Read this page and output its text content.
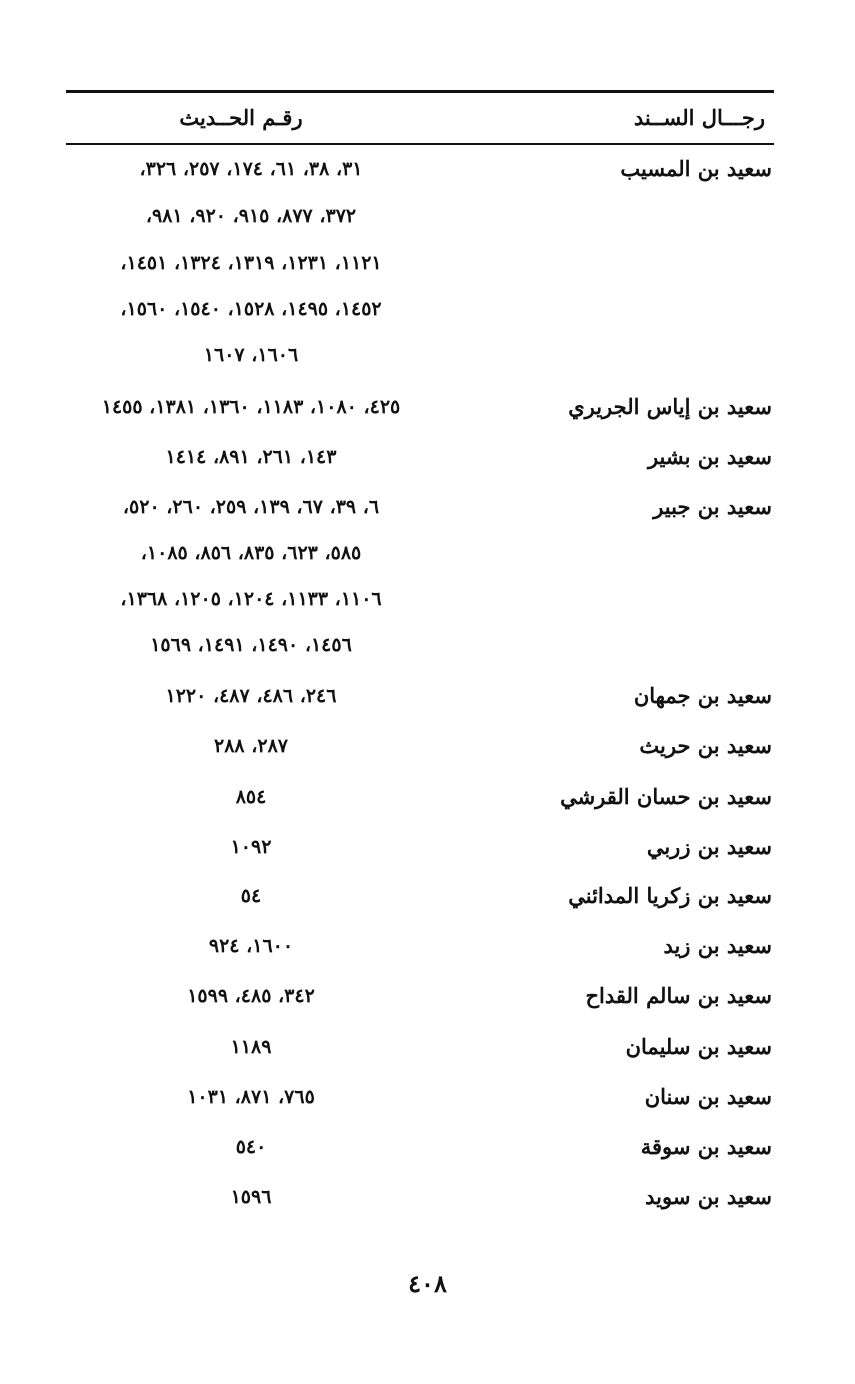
رجـــال الســند
رقـم الحــديث
سعيد بن المسيب
٣١، ٣٨، ٦١، ١٧٤، ٢٥٧، ٣٢٦،
٣٧٢، ٨٧٧، ٩١٥، ٩٢٠، ٩٨١،
١١٢١، ١٢٣١، ١٣١٩، ١٣٢٤، ١٤٥١،
١٤٥٢، ١٤٩٥، ١٥٢٨، ١٥٤٠، ١٥٦٠،
١٦٠٦، ١٦٠٧
سعيد بن إياس الجريري
٤٢٥، ١٠٨٠، ١١٨٣، ١٣٦٠، ١٣٨١، ١٤٥٥
سعيد بن بشير
١٤٣، ٢٦١، ٨٩١، ١٤١٤
سعيد بن جبير
٦، ٣٩، ٦٧، ١٣٩، ٢٥٩، ٢٦٠، ٥٢٠،
٥٨٥، ٦٢٣، ٨٣٥، ٨٥٦، ١٠٨٥،
١١٠٦، ١١٣٣، ١٢٠٤، ١٢٠٥، ١٣٦٨،
١٤٥٦، ١٤٩٠، ١٤٩١، ١٥٦٩
سعيد بن جمهان
٢٤٦، ٤٨٦، ٤٨٧، ١٢٢٠
سعيد بن حريث
٢٨٧، ٢٨٨
سعيد بن حسان القرشي
٨٥٤
سعيد بن زربي
١٠٩٢
سعيد بن زكريا المدائني
٥٤
سعيد بن زيد
١٦٠٠، ٩٢٤
سعيد بن سالم القداح
٣٤٢، ٤٨٥، ١٥٩٩
سعيد بن سليمان
١١٨٩
سعيد بن سنان
٧٦٥، ٨٧١، ١٠٣١
سعيد بن سوقة
٥٤٠
سعيد بن سويد
١٥٩٦
٤٠٨
